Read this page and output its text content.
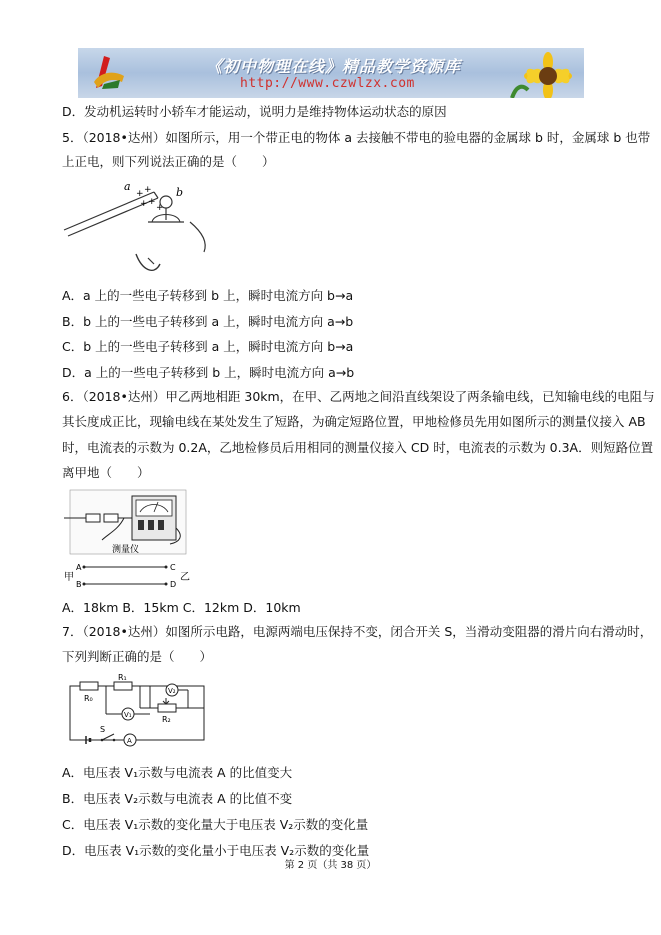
《初中物理在线》精品教学资源库
http://www.czwlzx.com
D．发动机运转时小轿车才能运动，说明力是维持物体运动状态的原因
5．（2018•达州）如图所示，用一个带正电的物体 a 去接触不带电的验电器的金属球 b 时，金属球 b 也带
上正电，则下列说法正确的是（　　）
a
+ +
+
+
+
b
A．a 上的一些电子转移到 b 上，瞬时电流方向 b→a
B．b 上的一些电子转移到 a 上，瞬时电流方向 a→b
C．b 上的一些电子转移到 a 上，瞬时电流方向 b→a
D．a 上的一些电子转移到 b 上，瞬时电流方向 a→b
6．（2018•达州）甲乙两地相距 30km，在甲、乙两地之间沿直线架设了两条输电线，已知输电线的电阻与
其长度成正比，现输电线在某处发生了短路，为确定短路位置，甲地检修员先用如图所示的测量仪接入 AB
时，电流表的示数为 0.2A，乙地检修员后用相同的测量仪接入 CD 时，电流表的示数为 0.3A．则短路位置
离甲地（　　）
测量仪
甲
A
B
C
D
乙
A．18km B．15km C．12km D．10km
7．（2018•达州）如图所示电路，电源两端电压保持不变，闭合开关 S，当滑动变阻器的滑片向右滑动时，
下列判断正确的是（　　）
R₀
R₁
V₁	R₂
V₂
S
A
A．电压表 V₁示数与电流表 A 的比值变大
B．电压表 V₂示数与电流表 A 的比值不变
C．电压表 V₁示数的变化量大于电压表 V₂示数的变化量
D．电压表 V₁示数的变化量小于电压表 V₂示数的变化量
第 2 页（共 38 页）
